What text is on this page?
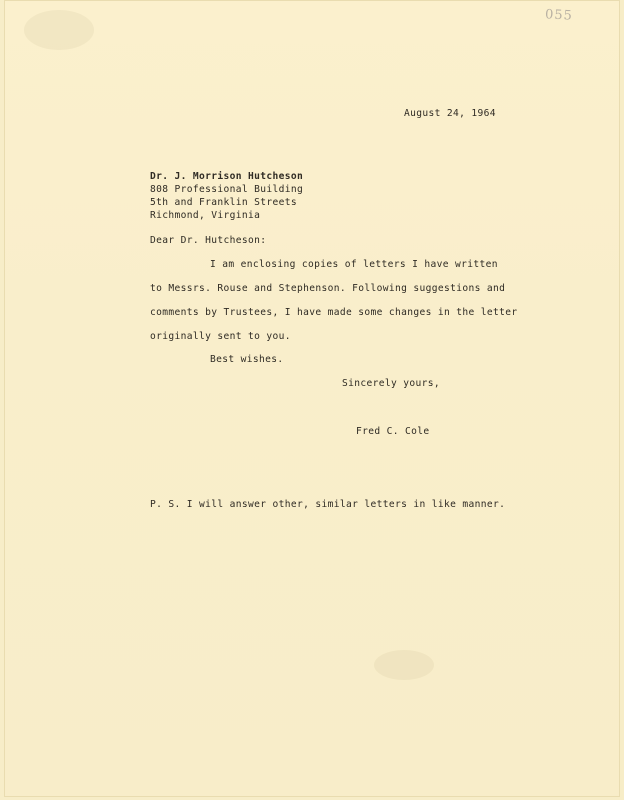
055
August 24, 1964
Dr. J. Morrison Hutcheson
808 Professional Building
5th and Franklin Streets
Richmond, Virginia
Dear Dr. Hutcheson:
I am enclosing copies of letters I have written
to Messrs. Rouse and Stephenson. Following suggestions and
comments by Trustees, I have made some changes in the letter
originally sent to you.
Best wishes.
Sincerely yours,
Fred C. Cole
P. S. I will answer other, similar letters in like manner.
